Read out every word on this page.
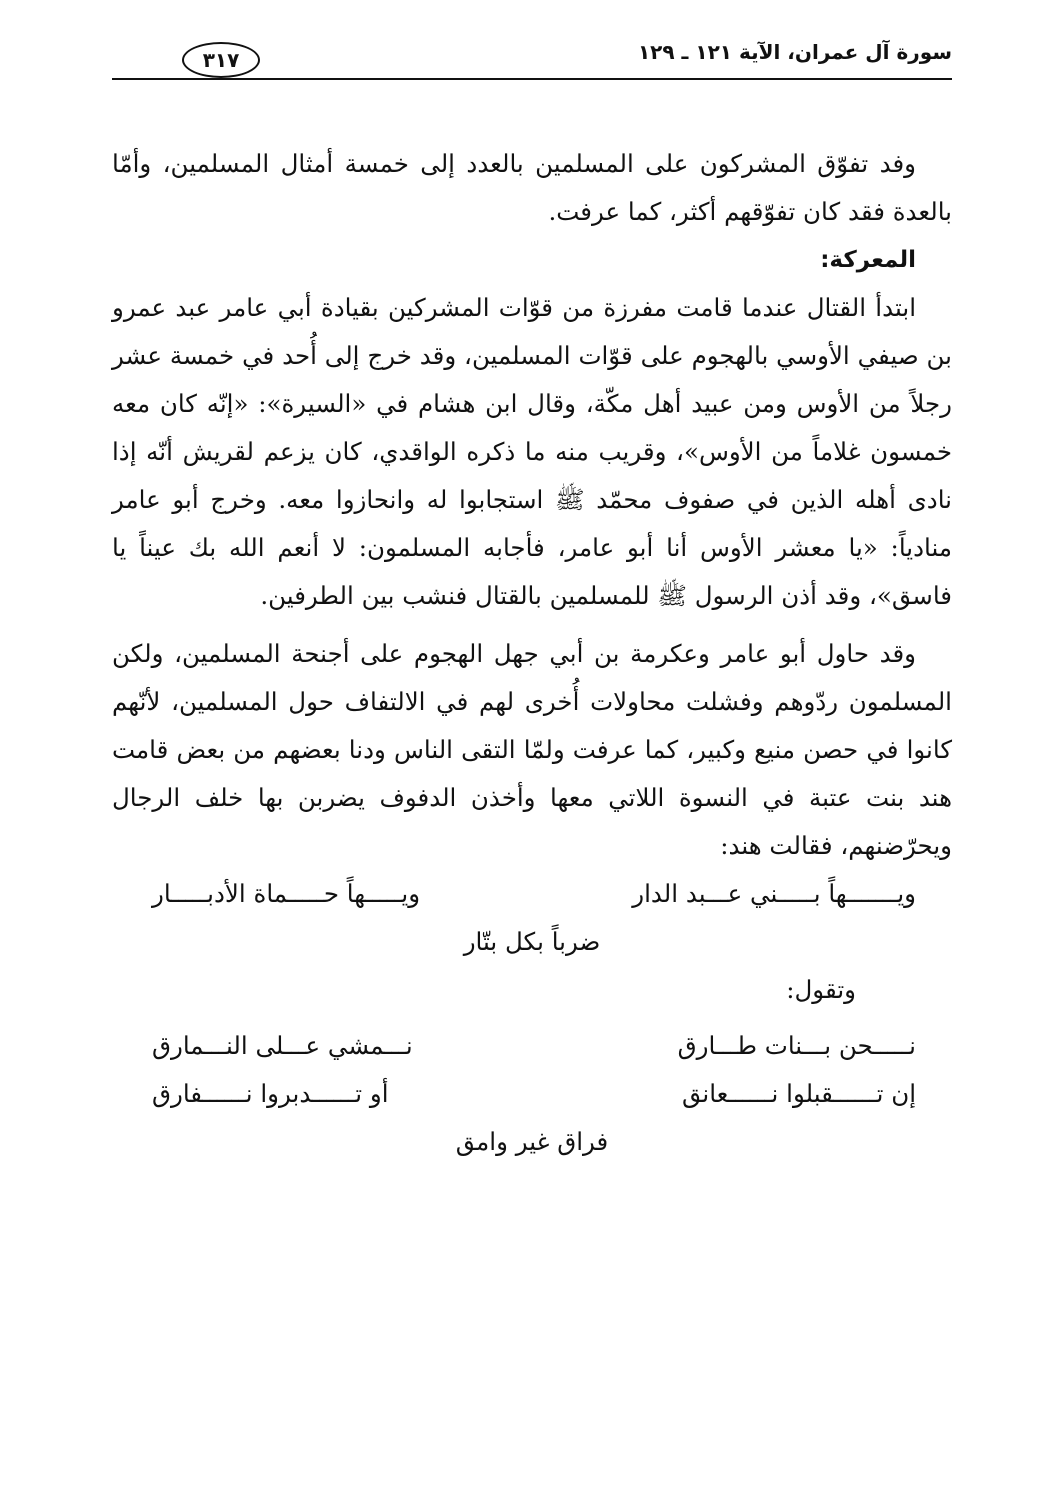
سورة آل عمران، الآية ١٢١ ـ ١٢٩
٣١٧

وفد تفوّق المشركون على المسلمين بالعدد إلى خمسة أمثال المسلمين، وأمّا بالعدة فقد كان تفوّقهم أكثر، كما عرفت.

المعركة:

ابتدأ القتال عندما قامت مفرزة من قوّات المشركين بقيادة أبي عامر عبد عمرو بن صيفي الأوسي بالهجوم على قوّات المسلمين، وقد خرج إلى أُحد في خمسة عشر رجلاً من الأوس ومن عبيد أهل مكّة، وقال ابن هشام في «السيرة»: «إنّه كان معه خمسون غلاماً من الأوس»، وقريب منه ما ذكره الواقدي، كان يزعم لقريش أنّه إذا نادى أهله الذين في صفوف محمّد ﷺ استجابوا له وانحازوا معه. وخرج أبو عامر منادياً: «يا معشر الأوس أنا أبو عامر، فأجابه المسلمون: لا أنعم الله بك عيناً يا فاسق»، وقد أذن الرسول ﷺ للمسلمين بالقتال فنشب بين الطرفين.

وقد حاول أبو عامر وعكرمة بن أبي جهل الهجوم على أجنحة المسلمين، ولكن المسلمون ردّوهم وفشلت محاولات أُخرى لهم في الالتفاف حول المسلمين، لأنّهم كانوا في حصن منيع وكبير، كما عرفت ولمّا التقى الناس ودنا بعضهم من بعض قامت هند بنت عتبة في النسوة اللاتي معها وأخذن الدفوف يضربن بها خلف الرجال ويحرّضنهم، فقالت هند:

ويـــــــهاً بـــــني عـــبد الدار
ويـــــهاً حـــــماة الأدبـــــار
ضرباً بكل بتّار

وتقول:

نـــــحن بـــنات طـــارق
نـــمشي عـــلى النـــمارق
إن تــــــقبلوا نــــــعانق
أو تــــــدبروا نــــــفارق
فراق غير وامق
